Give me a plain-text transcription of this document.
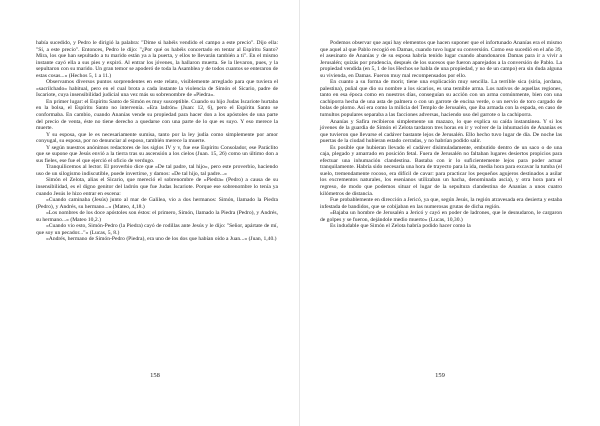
había sucedido, y Pedro le dirigió la palabra: "Dime si habéis vendido el campo a este precio". Dijo ella: "Sí, a este precio". Entonces, Pedro le dijo: "¿Por qué os habéis concertado en tentar al Espíritu Santo? Mira, los que han sepultado a tu marido están ya a la puerta, y ellos te llevarán también a ti". En el mismo instante cayó ella a sus pies y expiró. Al entrar los jóvenes, la hallaron muerta. Se la llevaron, pues, y la sepultaron con su marido. Un gran temor se apoderó de toda la Asamblea y de todos cuantos se enteraron de estas cosas...» (Hechos 5, 1 a 11.)

Observamos diversos puntos sorprendentes en este relato, visiblemente arreglado para que tuviera el «sacrilchado» habitual, pero en el cual brota a cada instante la violencia de Simón el Sicario, padre de Iscariote, cuya insensibilidad judicial una vez más su sobrenombre de «Piedra».

En primer lugar: el Espíritu Santo de Simón es muy susceptible. Cuando su hijo Judas Iscariote hurtaba en la bolsa, el Espíritu Santo no intervenía. «Era ladrón» (Juan: 12, 6), pero el Espíritu Santo se conformaba. En cambio, cuando Ananías vende su propiedad para hacer don a los apóstoles de una parte del precio de venta, éste no tiene derecho a quedarse con una parte de lo que es suyo. Y eso merece la muerte.

Y su esposa, que le es necesariamente sumisa, tanto por la ley judía como simplemente por amor conyugal, su esposa, por no denunciar al esposo, también merece la muerte.

Y según nuestros anónimos redactores de los siglos IV y v, fue ese Espíritu Consolador, ese Paráclito que se supone que Jesús envió a la tierra tras su ascensión a los cielos (Juan. 15, 26) como un último don a sus fieles, ese fue el que ejerció el oficio de verdugo.

Tranquilicemos al lector. El proverbio dice que «De tal padre, tal hijo», pero este proverbio, haciendo uso de un silogismo indiscutible, puede invertirse, y damos: «De tal hijo, tal padre...»

Simón el Zelota, alias el Sicario, que mereció el sobrenombre de «Piedra» (Pedro) a causa de su insensibilidad, es el digno genitor del ladrón que fue Judas Iscariote. Porque ese sobrenombre lo tenía ya cuando Jesús le hizo entrar en escena:

«Cuando caminaba (Jesús) junto al mar de Galilea, vio a dos hermanos: Simón, llamado la Piedra (Pedro), y Andrés, su hermano...» (Mateo, 4,18.)

«Los nombres de los doce apóstoles son éstos: el primero, Simón, llamado la Piedra (Pedro), y Andrés, su hermano...» (Mateo 10,2.)

«Cuando vio esto, Simón-Pedro (la Piedra) cayó de rodillas ante Jesús y le dijo: "Señor, apártate de mí, que soy un pecador..."» (Lucas, 5, 8.)

«Andrés, hermano de Simón-Pedro (Piedra), era uno de los dos que habían oído a Juan...» (Juan, 1,40.)

158

Podemos observar que aquí hay elementos que hacen suponer que el infortunado Ananías era el mismo que aquel al que Pablo recogió en Damas, cuando tuvo lugar su conversión. Como eso sucedió en el año 39, el asesinato de Ananías y de su esposa habría tenido lugar cuando abandonaron Damas para ir a vivir a Jerusalén; quizás por prudencia, después de los sucesos que fueron aparejados a la conversión de Pablo. La propiedad vendida (en 5, 1 de los Hechos se habla de una propiedad, y no de un campo) era sin duda alguna su vivienda, en Damas. Fueron muy mal recompensados por ello.

En cuanto a su forma de morir, tiene una explicación muy sencilla. La terrible sica (siria, jordana, palestina), puñal que dio su nombre a los sicarios, es una temible arma. Los nativos de aquellas regiones, tanto en esa época como en nuestros días, conseguían su acción con un arma comúnmente, bien con una cachiporra hecha de una asta de palmera o con un garrote de encina verde, o un nervio de toro cargado de bolas de plomo. Así era como la milicia del Templo de Jerusalén, que iba armada con la espada, en caso de tumultos populares separaba a las facciones adversas, haciendo uso del garrote o la cachiporra.

Ananías y Safira recibieron simplemente un mazazo, lo que explica su caída instantánea. Y si los jóvenes de la guardia de Simón el Zelota tardaron tres horas en ir y volver de la inhumación de Ananías es que tuvieron que llevarse el cadáver bastante lejos de Jerusalén. Ello hecho tuvo lugar de día. De noche las puertas de la ciudad hubieran estado cerradas, y no habrían podido salir.

Es posible que hubieran llevado el cadáver disimuladamente, embutido dentro de un saco o de una caja, plegado y amarrado en posición fetal. Fuera de Jerusalén no faltaban lugares desiertos propicios para efectuar una inhumación clandestina. Bastaba con ir lo suficientemente lejos para poder actuar tranquilamente. Habría sido necesaria una hora de trayecto para la ida, media hora para excavar la tumba (el suelo, tremendamente rocoso, era difícil de cavar: para practicar los pequeños agujeros destinados a asilar los excrementos naturales, los esenianos utilizaban un hacha, denominada ascia), y otra hora para el regreso, de modo que podemos situar el lugar de la sepultura clandestina de Ananías a unos cuatro kilómetros de distancia.

Fue probablemente en dirección a Jericó, ya que, según Jesús, la región atravesada era desierta y estaba infestada de bandidos, que se cobijaban en las numerosas grutas de dicha región.

«Bajaba un hombre de Jerusalén a Jericó y cayó en poder de ladrones, que le desnudaron, le cargaron de golpes y se fueron, dejándole medio muerto» (Lucas, 10,30.)

Es indudable que Simón el Zelota habría podido hacer como la

159
